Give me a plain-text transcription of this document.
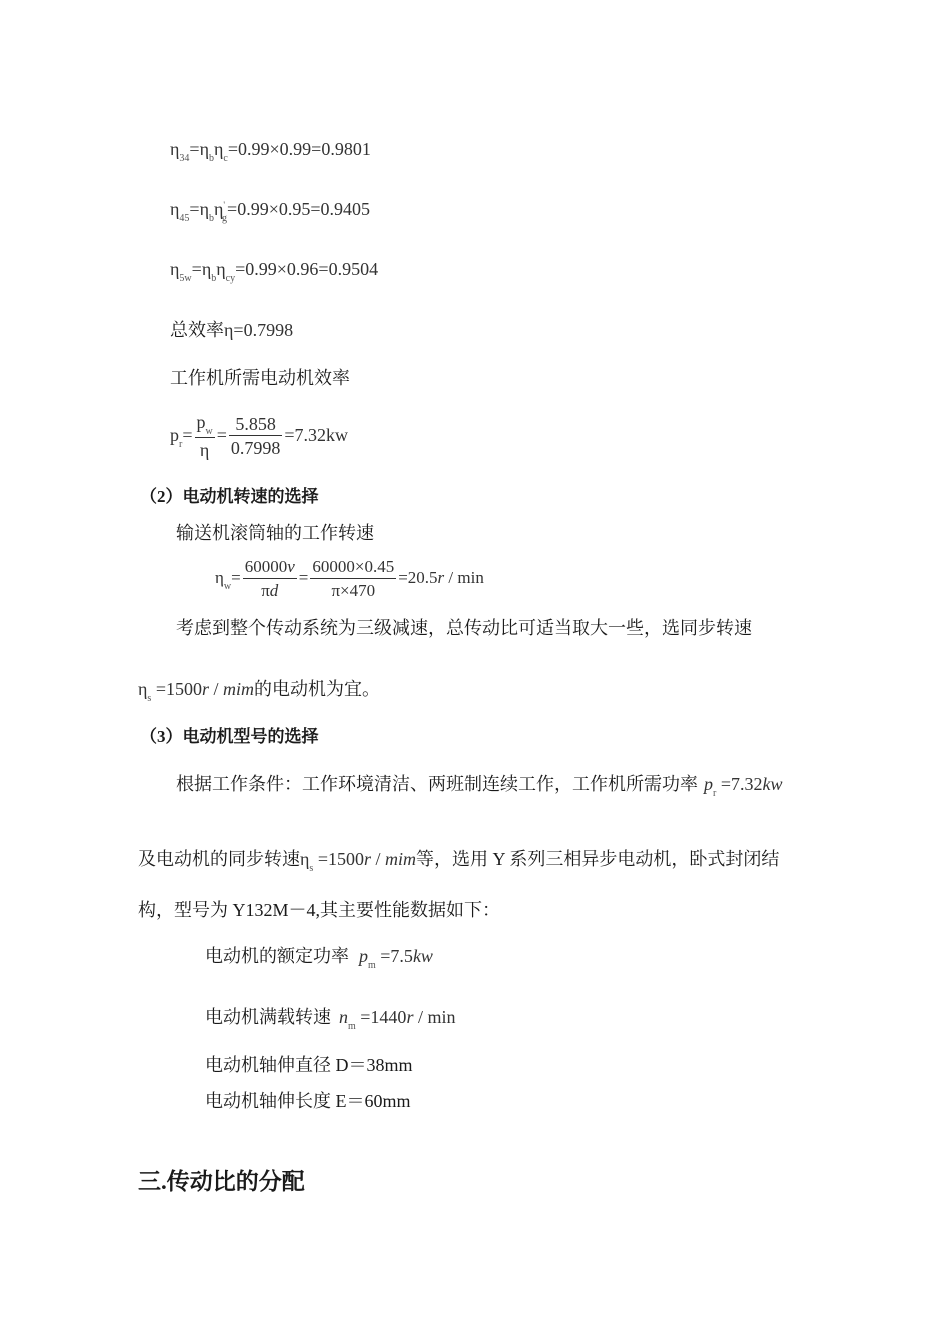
$\eta_{34}=\eta_b\eta_c=0.99\times 0.99=0.9801$
$\eta_{45}=\eta_b\eta'_g=0.99\times 0.95=0.9405$
$\eta_{5w}=\eta_b\eta_{cy}=0.99\times 0.96=0.9504$
总效率η=0.7998
工作机所需电动机效率
$p_r= \frac{p_w}{\eta} = \frac{5.858}{0.7998} =7.32kw$
（2）电动机转速的选择
输送机滚筒轴的工作转速
$\eta_w= \frac{60000v}{\pi d} = \frac{60000\times 0.45}{\pi\times 470} =20.5r / \min$
考虑到整个传动系统为三级减速，总传动比可适当取大一些，选同步转速
$\eta_s =1500r$ / mim的电动机为宜。
（3）电动机型号的选择
根据工作条件：工作环境清洁、两班制连续工作，工作机所需功率 $p_r =7.32kw$
及电动机的同步转速$\eta_s =1500r$ / mim等，选用 Y 系列三相异步电动机，卧式封闭结
构，型号为 Y132M－4,其主要性能数据如下：
电动机的额定功率 $p_m =7.5kw$
电动机满载转速 $n_m =1440r / \min$
电动机轴伸直径 D＝38mm
电动机轴伸长度 E＝60mm
三.传动比的分配
